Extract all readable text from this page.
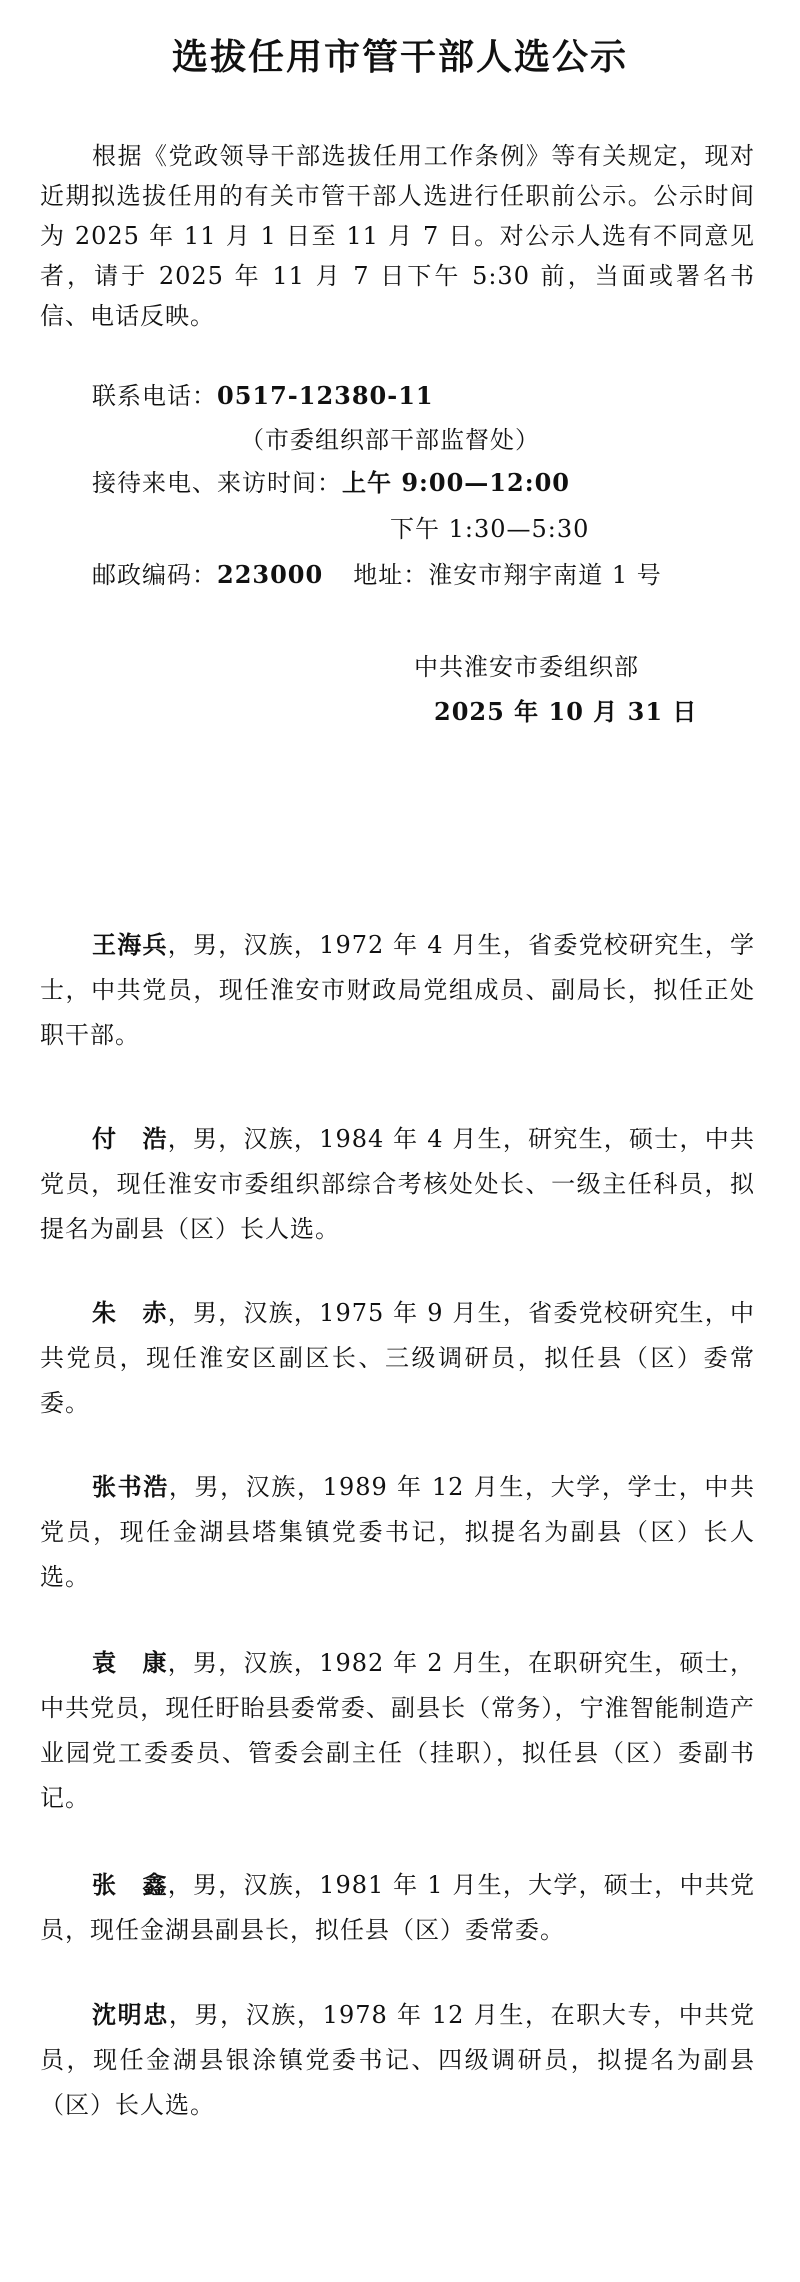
选拔任用市管干部人选公示
根据《党政领导干部选拔任用工作条例》等有关规定，现对近期拟选拔任用的有关市管干部人选进行任职前公示。公示时间为 2025 年 11 月 1 日至 11 月 7 日。对公示人选有不同意见者，请于 2025 年 11 月 7 日下午 5:30 前，当面或署名书信、电话反映。
联系电话：0517-12380-11
（市委组织部干部监督处）
接待来电、来访时间：上午 9:00—12:00
下午 1:30—5:30
邮政编码：223000 地址：淮安市翔宇南道 1 号
中共淮安市委组织部
2025 年 10 月 31 日
王海兵，男，汉族，1972 年 4 月生，省委党校研究生，学士，中共党员，现任淮安市财政局党组成员、副局长，拟任正处职干部。
付　浩，男，汉族，1984 年 4 月生，研究生，硕士，中共党员，现任淮安市委组织部综合考核处处长、一级主任科员，拟提名为副县（区）长人选。
朱　赤，男，汉族，1975 年 9 月生，省委党校研究生，中共党员，现任淮安区副区长、三级调研员，拟任县（区）委常委。
张书浩，男，汉族，1989 年 12 月生，大学，学士，中共党员，现任金湖县塔集镇党委书记，拟提名为副县（区）长人选。
袁　康，男，汉族，1982 年 2 月生，在职研究生，硕士，中共党员，现任盱眙县委常委、副县长（常务），宁淮智能制造产业园党工委委员、管委会副主任（挂职），拟任县（区）委副书记。
张　鑫，男，汉族，1981 年 1 月生，大学，硕士，中共党员，现任金湖县副县长，拟任县（区）委常委。
沈明忠，男，汉族，1978 年 12 月生，在职大专，中共党员，现任金湖县银涂镇党委书记、四级调研员，拟提名为副县（区）长人选。
